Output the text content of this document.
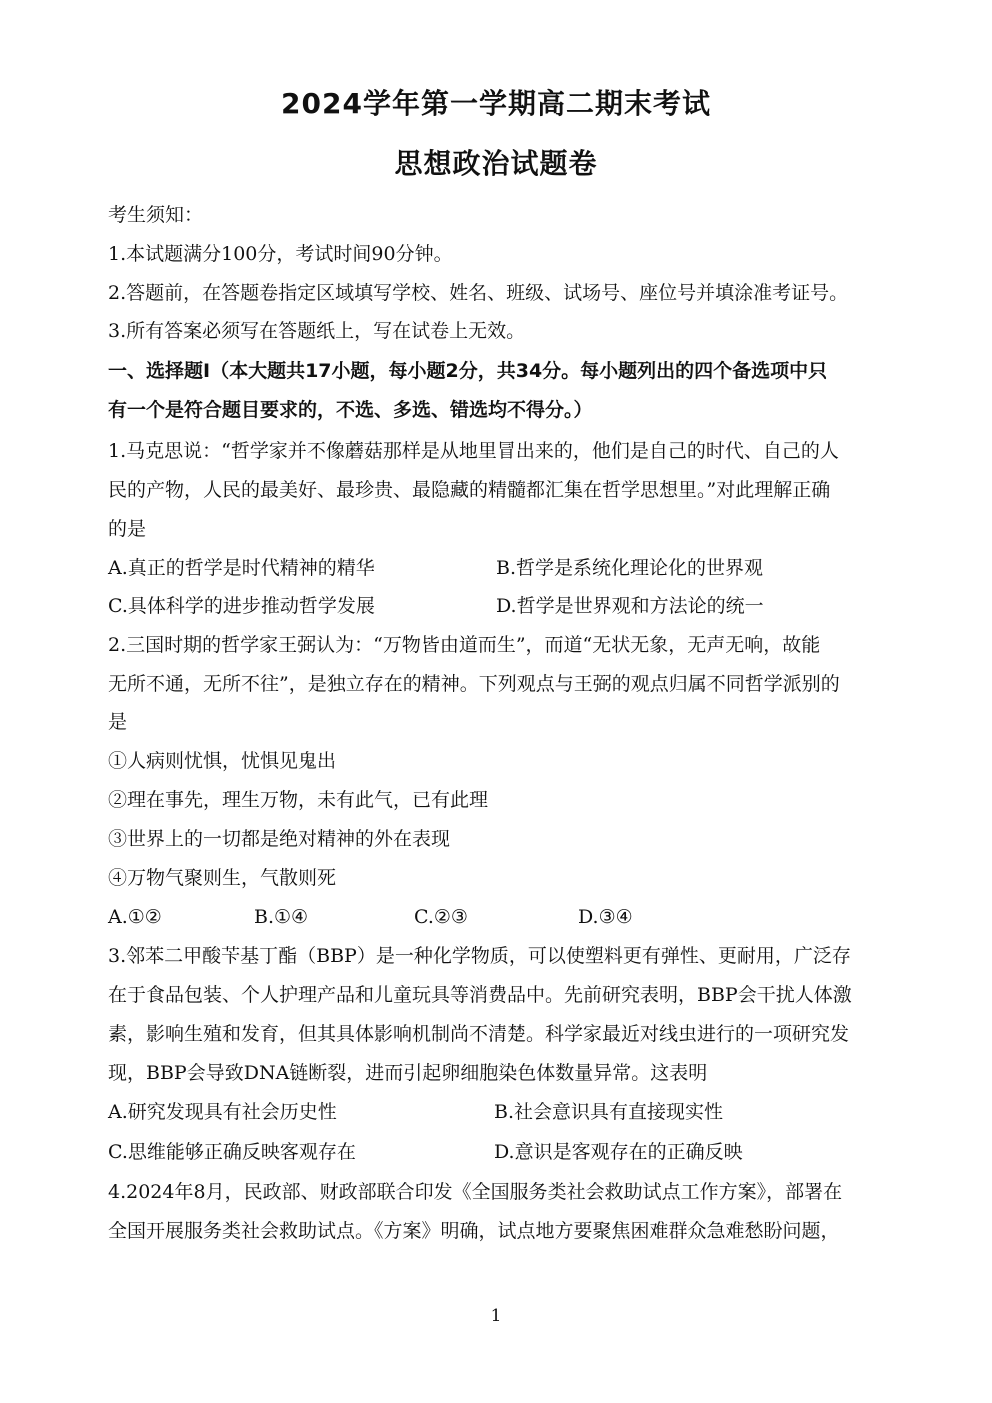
2024学年第一学期高二期末考试
思想政治试题卷
考生须知：
1.本试题满分100分，考试时间90分钟。
2.答题前，在答题卷指定区域填写学校、姓名、班级、试场号、座位号并填涂准考证号。
3.所有答案必须写在答题纸上，写在试卷上无效。
一、选择题Ⅰ（本大题共17小题，每小题2分，共34分。每小题列出的四个备选项中只
有一个是符合题目要求的，不选、多选、错选均不得分。）
1.马克思说：“哲学家并不像蘑菇那样是从地里冒出来的，他们是自己的时代、自己的人
民的产物，人民的最美好、最珍贵、最隐藏的精髓都汇集在哲学思想里。”对此理解正确
的是
A.真正的哲学是时代精神的精华	B.哲学是系统化理论化的世界观
C.具体科学的进步推动哲学发展	D.哲学是世界观和方法论的统一
2.三国时期的哲学家王弼认为：“万物皆由道而生”，而道“无状无象，无声无响，故能
无所不通，无所不往”，是独立存在的精神。下列观点与王弼的观点归属不同哲学派别的
是
①人病则忧惧，忧惧见鬼出
②理在事先，理生万物，未有此气，已有此理
③世界上的一切都是绝对精神的外在表现
④万物气聚则生，气散则死
A.①②	B.①④	C.②③	D.③④
3.邻苯二甲酸苄基丁酯（BBP）是一种化学物质，可以使塑料更有弹性、更耐用，广泛存
在于食品包装、个人护理产品和儿童玩具等消费品中。先前研究表明，BBP会干扰人体激
素，影响生殖和发育，但其具体影响机制尚不清楚。科学家最近对线虫进行的一项研究发
现，BBP会导致DNA链断裂，进而引起卵细胞染色体数量异常。这表明
A.研究发现具有社会历史性	B.社会意识具有直接现实性
C.思维能够正确反映客观存在	D.意识是客观存在的正确反映
4.2024年8月，民政部、财政部联合印发《全国服务类社会救助试点工作方案》，部署在
全国开展服务类社会救助试点。《方案》明确，试点地方要聚焦困难群众急难愁盼问题，
1
